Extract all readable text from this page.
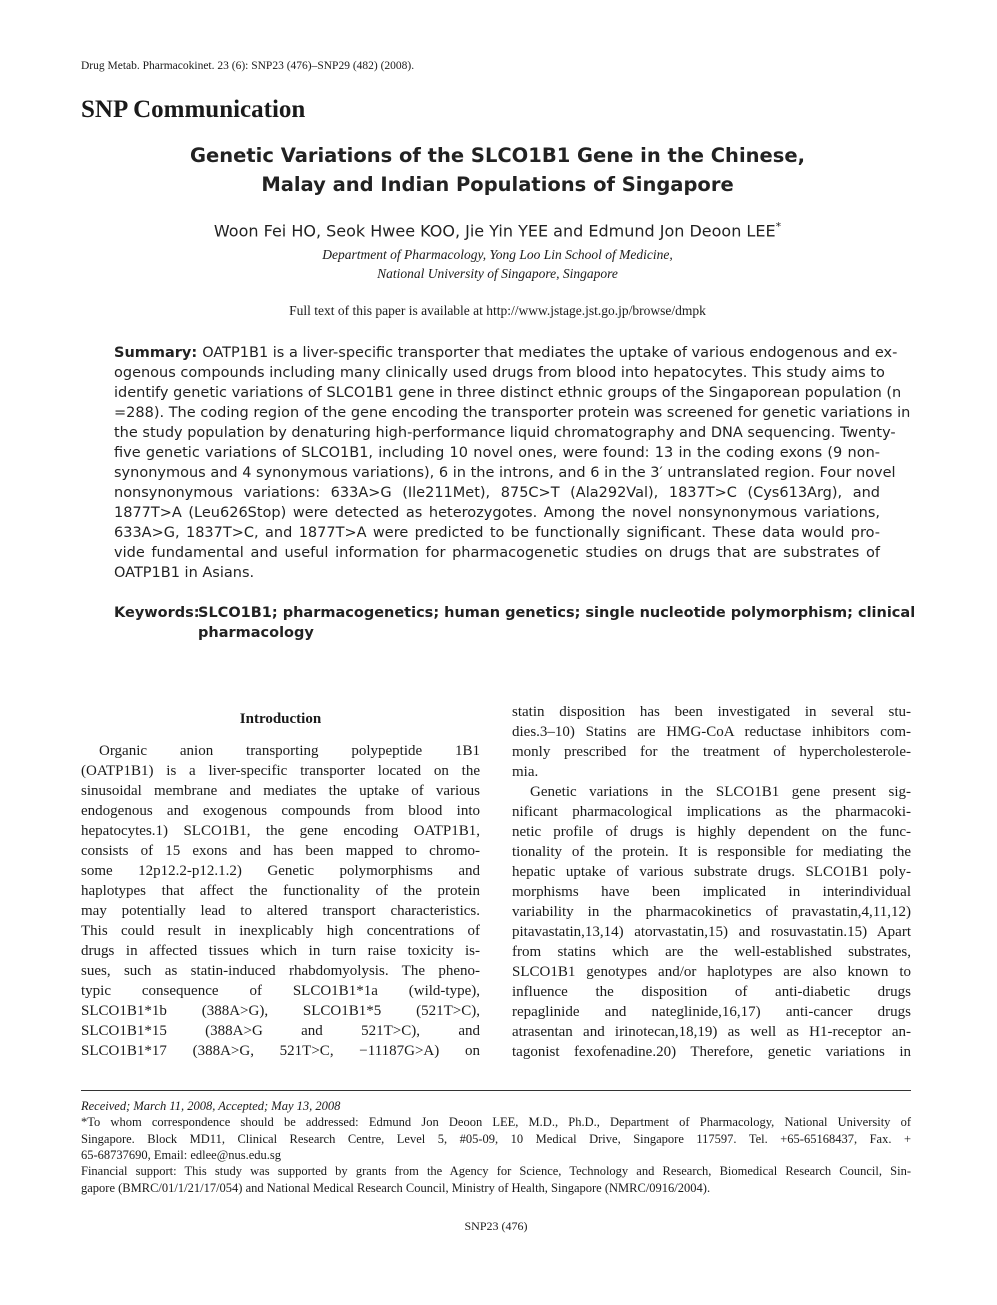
Drug Metab. Pharmacokinet. 23 (6): SNP23 (476)–SNP29 (482) (2008).
SNP Communication
Genetic Variations of the SLCO1B1 Gene in the Chinese,
Malay and Indian Populations of Singapore
Woon Fei HO, Seok Hwee KOO, Jie Yin YEE and Edmund Jon Deoon LEE*
Department of Pharmacology, Yong Loo Lin School of Medicine,
National University of Singapore, Singapore
Full text of this paper is available at http://www.jstage.jst.go.jp/browse/dmpk
Summary: OATP1B1 is a liver-specific transporter that mediates the uptake of various endogenous and ex-
ogenous compounds including many clinically used drugs from blood into hepatocytes. This study aims to
identify genetic variations of SLCO1B1 gene in three distinct ethnic groups of the Singaporean population (n
=288). The coding region of the gene encoding the transporter protein was screened for genetic variations in
the study population by denaturing high-performance liquid chromatography and DNA sequencing. Twenty-
five genetic variations of SLCO1B1, including 10 novel ones, were found: 13 in the coding exons (9 non-
synonymous and 4 synonymous variations), 6 in the introns, and 6 in the 3′ untranslated region. Four novel
nonsynonymous variations: 633A>G (Ile211Met), 875C>T (Ala292Val), 1837T>C (Cys613Arg), and
1877T>A (Leu626Stop) were detected as heterozygotes. Among the novel nonsynonymous variations,
633A>G, 1837T>C, and 1877T>A were predicted to be functionally significant. These data would pro-
vide fundamental and useful information for pharmacogenetic studies on drugs that are substrates of
OATP1B1 in Asians.
Keywords:
SLCO1B1; pharmacogenetics; human genetics; single nucleotide polymorphism; clinical
pharmacology
Introduction
Organic anion transporting polypeptide 1B1
(OATP1B1) is a liver-specific transporter located on the
sinusoidal membrane and mediates the uptake of various
endogenous and exogenous compounds from blood into
hepatocytes.1) SLCO1B1, the gene encoding OATP1B1,
consists of 15 exons and has been mapped to chromo-
some 12p12.2-p12.1.2) Genetic polymorphisms and
haplotypes that affect the functionality of the protein
may potentially lead to altered transport characteristics.
This could result in inexplicably high concentrations of
drugs in affected tissues which in turn raise toxicity is-
sues, such as statin-induced rhabdomyolysis. The pheno-
typic consequence of SLCO1B1*1a (wild-type),
SLCO1B1*1b (388A>G), SLCO1B1*5 (521T>C),
SLCO1B1*15 (388A>G and 521T>C), and
SLCO1B1*17 (388A>G, 521T>C, −11187G>A) on
statin disposition has been investigated in several stu-
dies.3–10) Statins are HMG-CoA reductase inhibitors com-
monly prescribed for the treatment of hypercholesterole-
mia.
Genetic variations in the SLCO1B1 gene present sig-
nificant pharmacological implications as the pharmacoki-
netic profile of drugs is highly dependent on the func-
tionality of the protein. It is responsible for mediating the
hepatic uptake of various substrate drugs. SLCO1B1 poly-
morphisms have been implicated in interindividual
variability in the pharmacokinetics of pravastatin,4,11,12)
pitavastatin,13,14) atorvastatin,15) and rosuvastatin.15) Apart
from statins which are the well-established substrates,
SLCO1B1 genotypes and/or haplotypes are also known to
influence the disposition of anti-diabetic drugs
repaglinide and nateglinide,16,17) anti-cancer drugs
atrasentan and irinotecan,18,19) as well as H1-receptor an-
tagonist fexofenadine.20) Therefore, genetic variations in
Received; March 11, 2008, Accepted; May 13, 2008
*To whom correspondence should be addressed: Edmund Jon Deoon LEE, M.D., Ph.D., Department of Pharmacology, National University of
Singapore. Block MD11, Clinical Research Centre, Level 5, #05-09, 10 Medical Drive, Singapore 117597. Tel. +65-65168437, Fax. +
65-68737690, Email: edlee@nus.edu.sg
Financial support: This study was supported by grants from the Agency for Science, Technology and Research, Biomedical Research Council, Sin-
gapore (BMRC/01/1/21/17/054) and National Medical Research Council, Ministry of Health, Singapore (NMRC/0916/2004).
SNP23 (476)
